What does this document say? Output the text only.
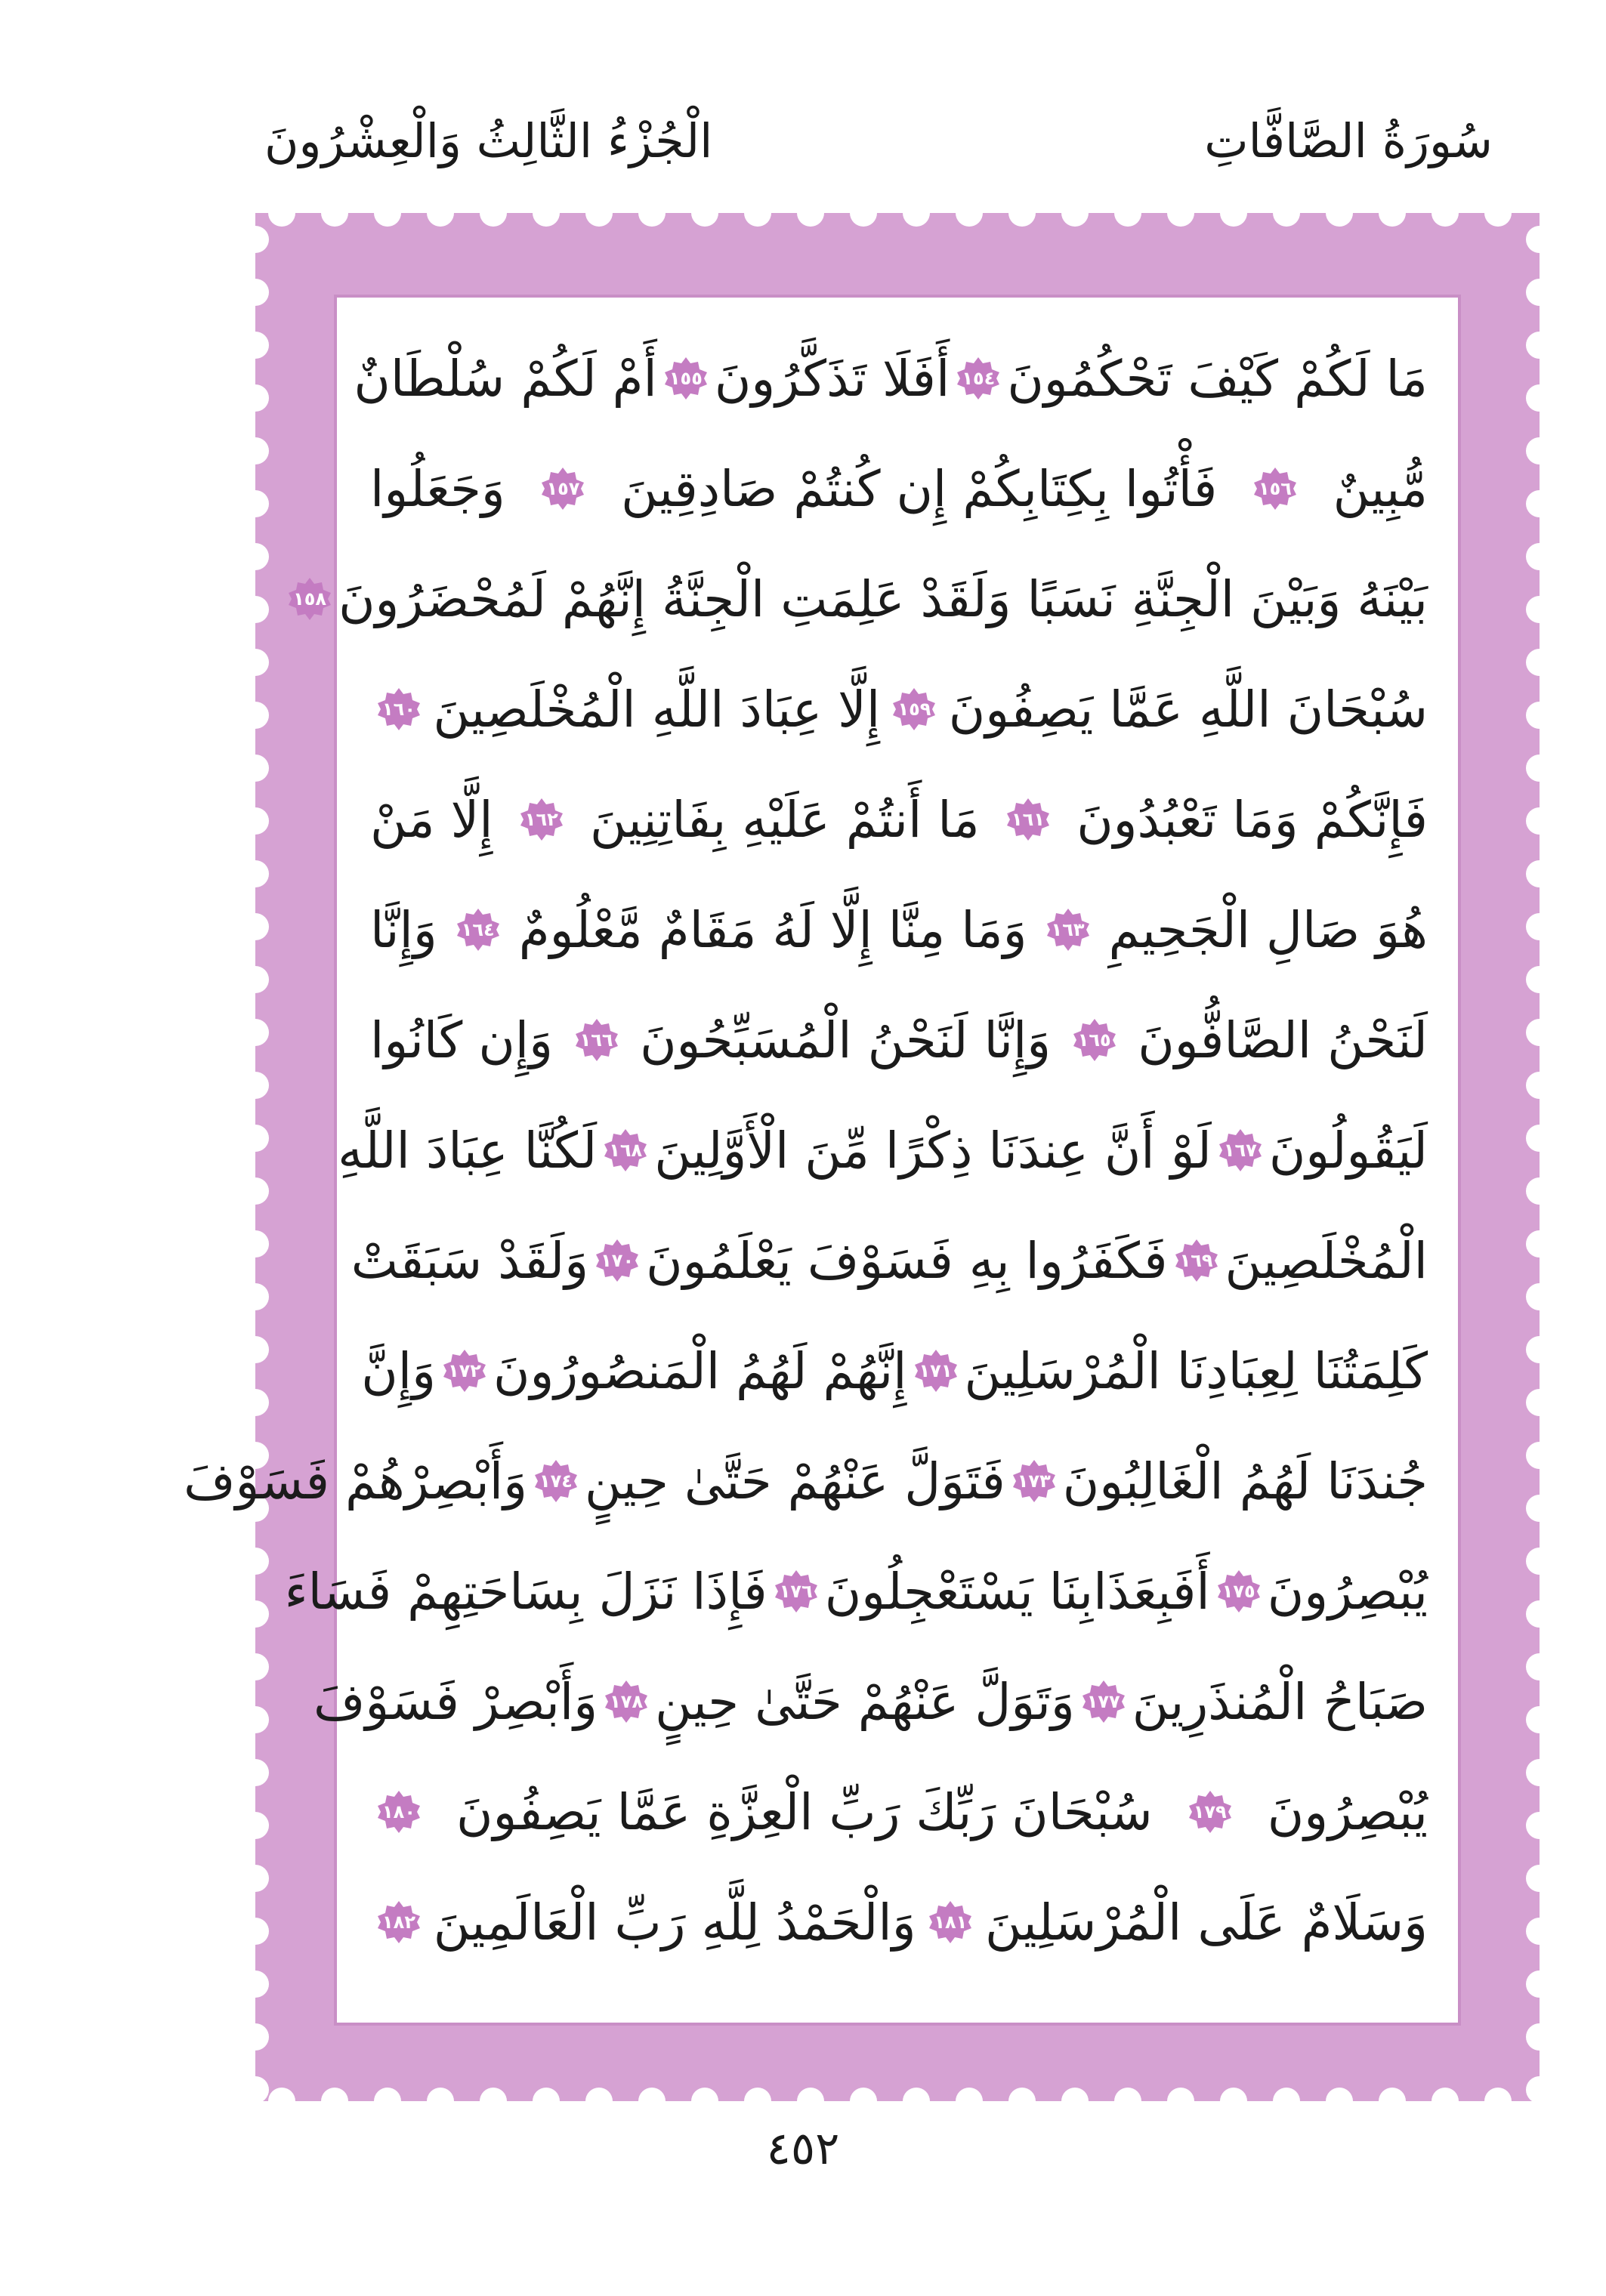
الْجُزْءُ الثَّالِثُ وَالْعِشْرُونَ	سُورَةُ الصَّافَّاتِ
مَا لَكُمْ كَيْفَ تَحْكُمُونَ
١٥٤
أَفَلَا تَذَكَّرُونَ
١٥٥
أَمْ لَكُمْ سُلْطَانٌ
مُّبِينٌ
١٥٦
فَأْتُوا بِكِتَابِكُمْ إِن كُنتُمْ صَادِقِينَ
١٥٧
وَجَعَلُوا
بَيْنَهُ وَبَيْنَ الْجِنَّةِ نَسَبًا وَلَقَدْ عَلِمَتِ الْجِنَّةُ إِنَّهُمْ لَمُحْضَرُونَ
١٥٨
سُبْحَانَ اللَّهِ عَمَّا يَصِفُونَ
١٥٩
إِلَّا عِبَادَ اللَّهِ الْمُخْلَصِينَ
١٦٠
فَإِنَّكُمْ وَمَا تَعْبُدُونَ
١٦١
مَا أَنتُمْ عَلَيْهِ بِفَاتِنِينَ
١٦٢
إِلَّا مَنْ
هُوَ صَالِ الْجَحِيمِ
١٦٣
وَمَا مِنَّا إِلَّا لَهُ مَقَامٌ مَّعْلُومٌ
١٦٤
وَإِنَّا
لَنَحْنُ الصَّافُّونَ
١٦٥
وَإِنَّا لَنَحْنُ الْمُسَبِّحُونَ
١٦٦
وَإِن كَانُوا
لَيَقُولُونَ
١٦٧
لَوْ أَنَّ عِندَنَا ذِكْرًا مِّنَ الْأَوَّلِينَ
١٦٨
لَكُنَّا عِبَادَ اللَّهِ
الْمُخْلَصِينَ
١٦٩
فَكَفَرُوا بِهِ فَسَوْفَ يَعْلَمُونَ
١٧٠
وَلَقَدْ سَبَقَتْ
كَلِمَتُنَا لِعِبَادِنَا الْمُرْسَلِينَ
١٧١
إِنَّهُمْ لَهُمُ الْمَنصُورُونَ
١٧٢
وَإِنَّ
جُندَنَا لَهُمُ الْغَالِبُونَ
١٧٣
فَتَوَلَّ عَنْهُمْ حَتَّىٰ حِينٍ
١٧٤
وَأَبْصِرْهُمْ فَسَوْفَ
يُبْصِرُونَ
١٧٥
أَفَبِعَذَابِنَا يَسْتَعْجِلُونَ
١٧٦
فَإِذَا نَزَلَ بِسَاحَتِهِمْ فَسَاءَ
صَبَاحُ الْمُنذَرِينَ
١٧٧
وَتَوَلَّ عَنْهُمْ حَتَّىٰ حِينٍ
١٧٨
وَأَبْصِرْ فَسَوْفَ
يُبْصِرُونَ
١٧٩
سُبْحَانَ رَبِّكَ رَبِّ الْعِزَّةِ عَمَّا يَصِفُونَ
١٨٠
وَسَلَامٌ عَلَى الْمُرْسَلِينَ
١٨١
وَالْحَمْدُ لِلَّهِ رَبِّ الْعَالَمِينَ
١٨٢
٤٥٢
